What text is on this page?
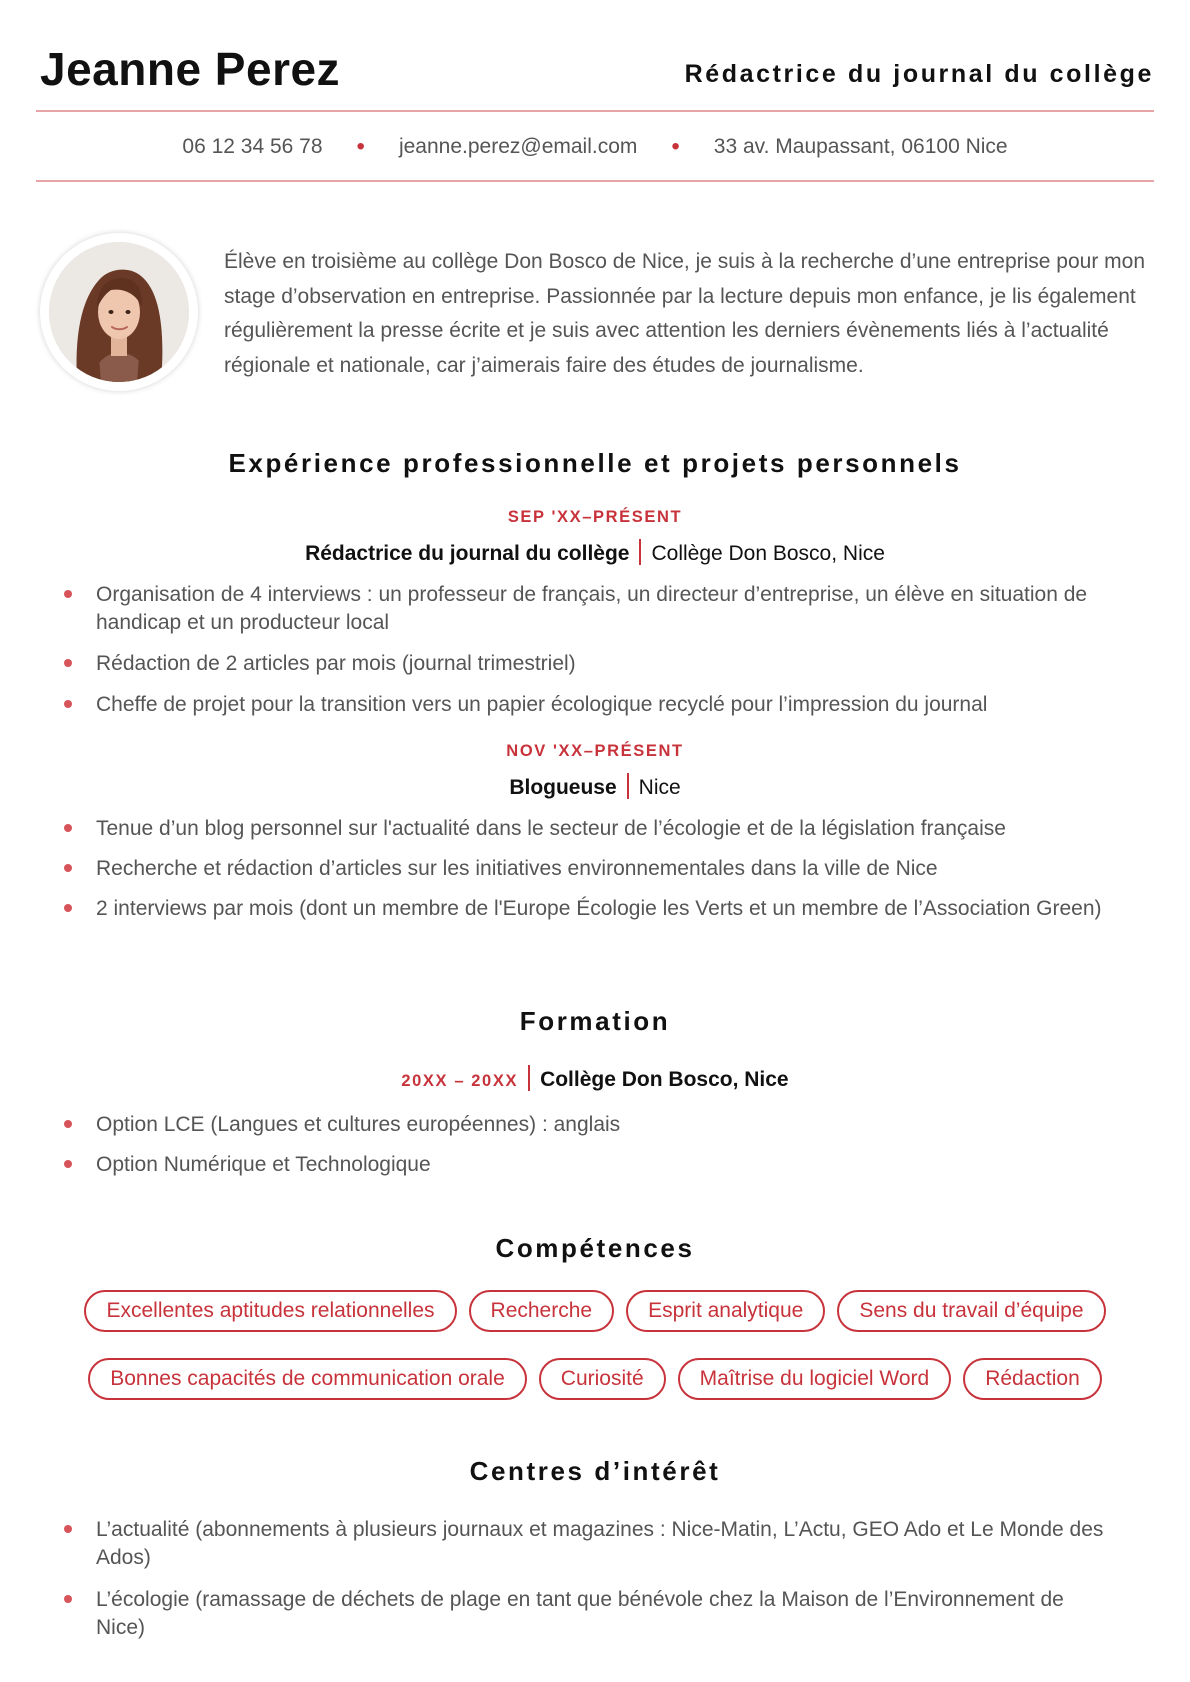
Jeanne Perez	Rédactrice du journal du collège
06 12 34 56 78 • jeanne.perez@email.com • 33 av. Maupassant, 06100 Nice

Élève en troisième au collège Don Bosco de Nice, je suis à la recherche d’une entreprise pour mon stage d’observation en entreprise. Passionnée par la lecture depuis mon enfance, je lis également régulièrement la presse écrite et je suis avec attention les derniers évènements liés à l’actualité régionale et nationale, car j’aimerais faire des études de journalisme.

Expérience professionnelle et projets personnels
SEP 'XX–PRÉSENT
Rédactrice du journal du collège Collège Don Bosco, Nice
Organisation de 4 interviews : un professeur de français, un directeur d’entreprise, un élève en situation de handicap et un producteur local
Rédaction de 2 articles par mois (journal trimestriel)
Cheffe de projet pour la transition vers un papier écologique recyclé pour l’impression du journal
NOV 'XX–PRÉSENT
Blogueuse Nice
Tenue d’un blog personnel sur l'actualité dans le secteur de l’écologie et de la législation française
Recherche et rédaction d’articles sur les initiatives environnementales dans la ville de Nice
2 interviews par mois (dont un membre de l'Europe Écologie les Verts et un membre de l’Association Green)
Formation
20XX – 20XX Collège Don Bosco, Nice
Option LCE (Langues et cultures européennes) : anglais
Option Numérique et Technologique
Compétences
Excellentes aptitudes relationnelles	Recherche	Esprit analytique	Sens du travail d’équipe
Bonnes capacités de communication orale	Curiosité	Maîtrise du logiciel Word	Rédaction
Centres d’intérêt
L’actualité (abonnements à plusieurs journaux et magazines : Nice-Matin, L’Actu, GEO Ado et Le Monde des Ados)
L’écologie (ramassage de déchets de plage en tant que bénévole chez la Maison de l’Environnement de Nice)
